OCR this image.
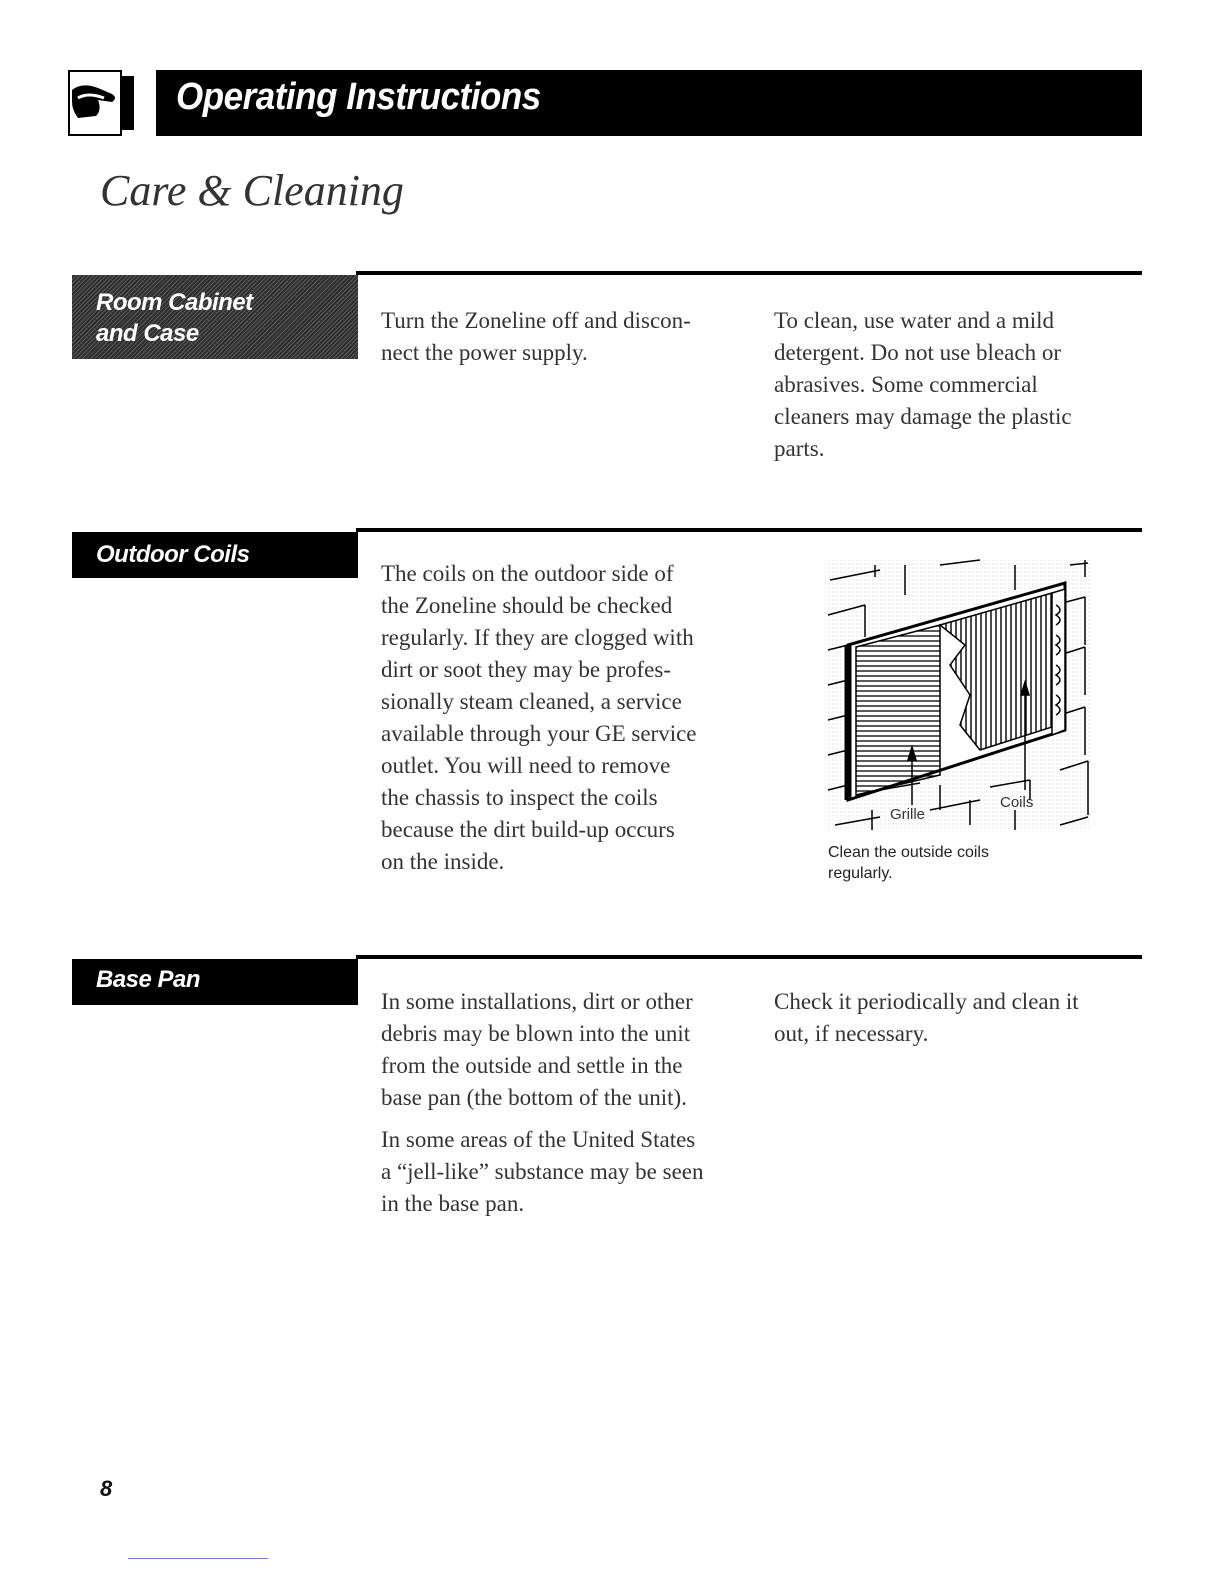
Operating Instructions
Care & Cleaning
Room Cabinet
and Case	Turn the Zoneline off and discon-
nect the power supply.
To clean, use water and a mild
detergent. Do not use bleach or
abrasives. Some commercial
cleaners may damage the plastic
parts.
Outdoor Coils
The coils on the outdoor side of
the Zoneline should be checked
regularly. If they are clogged with
dirt or soot they may be profes-
sionally steam cleaned, a service
available through your GE service
outlet. You will need to remove
the chassis to inspect the coils
because the dirt build-up occurs
on the inside.
Grille
Coils
Clean the outside coils
regularly.
Base Pan

In some installations, dirt or other
debris may be blown into the unit
from the outside and settle in the
base pan (the bottom of the unit).

In some areas of the United States
a “jell-like” substance may be seen
in the base pan.

Check it periodically and clean it
out, if necessary.
8
